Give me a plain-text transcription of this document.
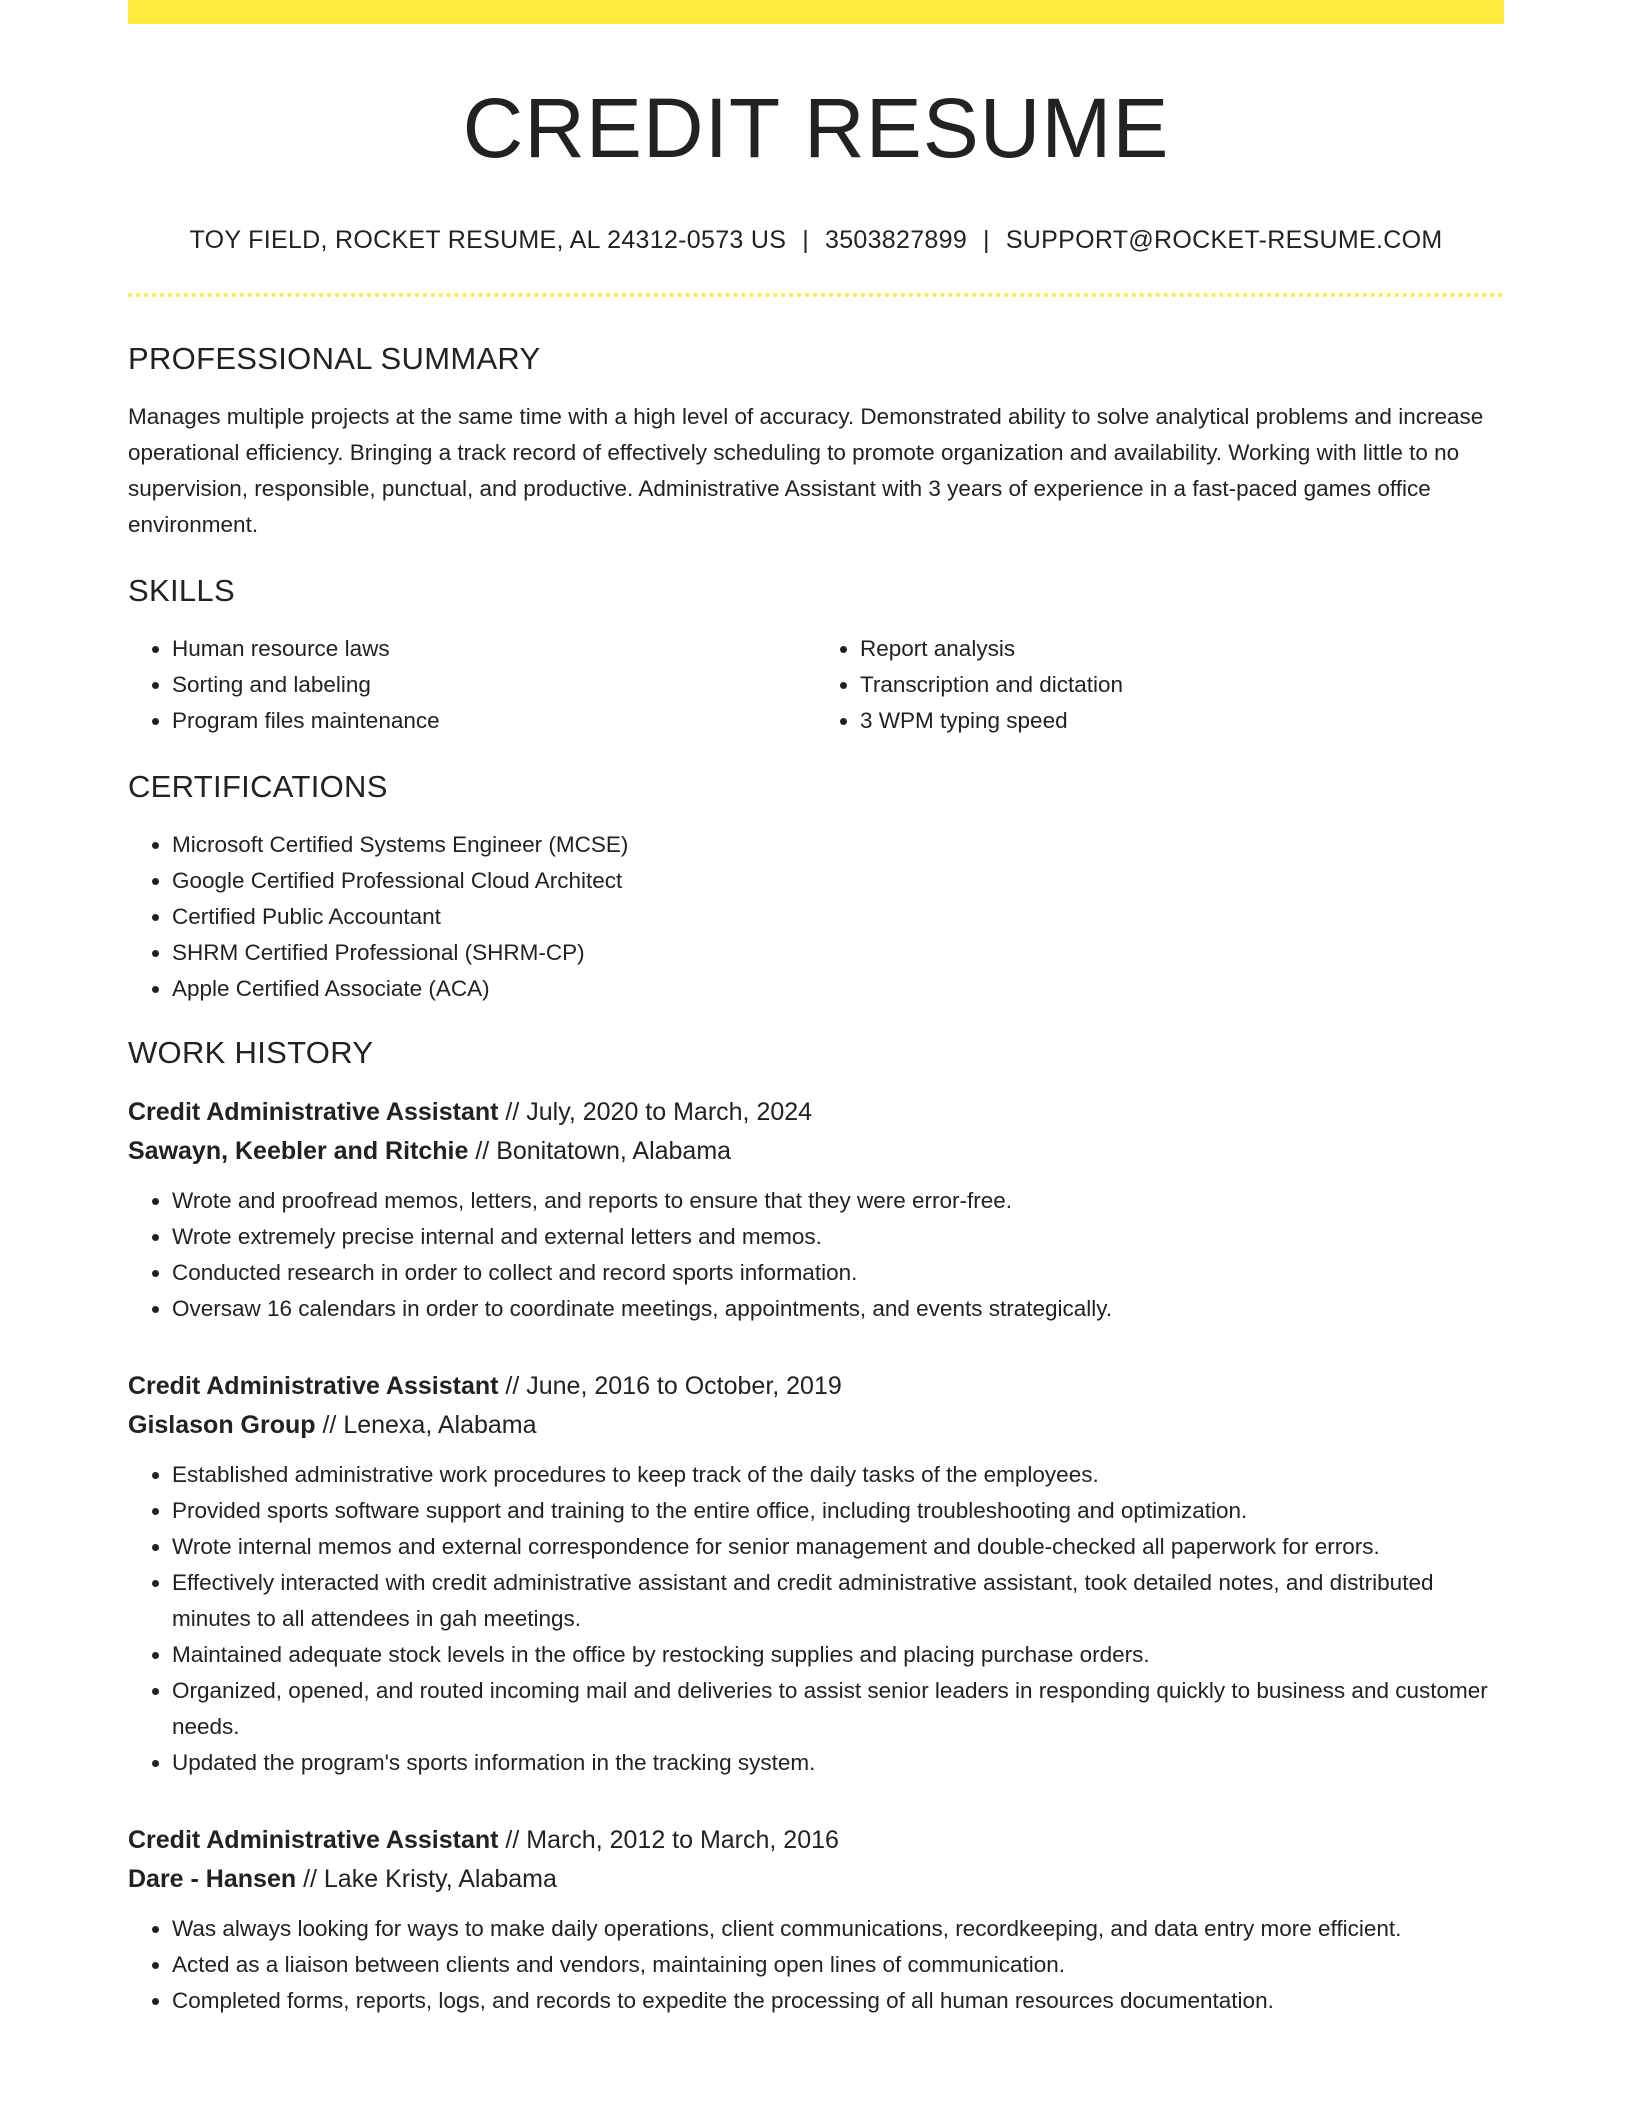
CREDIT RESUME
TOY FIELD, ROCKET RESUME, AL 24312-0573 US | 3503827899 | SUPPORT@ROCKET-RESUME.COM
PROFESSIONAL SUMMARY

Manages multiple projects at the same time with a high level of accuracy. Demonstrated ability to solve analytical problems and increase operational efficiency. Bringing a track record of effectively scheduling to promote organization and availability. Working with little to no supervision, responsible, punctual, and productive. Administrative Assistant with 3 years of experience in a fast-paced games office environment.

SKILLS
• Human resource laws
• Sorting and labeling
• Program files maintenance
• Report analysis
• Transcription and dictation
• 3 WPM typing speed
CERTIFICATIONS
• Microsoft Certified Systems Engineer (MCSE)
• Google Certified Professional Cloud Architect
• Certified Public Accountant
• SHRM Certified Professional (SHRM-CP)
• Apple Certified Associate (ACA)
WORK HISTORY
Credit Administrative Assistant // July, 2020 to March, 2024
Sawayn, Keebler and Ritchie // Bonitatown, Alabama
• Wrote and proofread memos, letters, and reports to ensure that they were error-free.
• Wrote extremely precise internal and external letters and memos.
• Conducted research in order to collect and record sports information.
• Oversaw 16 calendars in order to coordinate meetings, appointments, and events strategically.
Credit Administrative Assistant // June, 2016 to October, 2019
Gislason Group // Lenexa, Alabama
• Established administrative work procedures to keep track of the daily tasks of the employees.
• Provided sports software support and training to the entire office, including troubleshooting and optimization.
• Wrote internal memos and external correspondence for senior management and double-checked all paperwork for errors.
• Effectively interacted with credit administrative assistant and credit administrative assistant, took detailed notes, and distributed minutes to all attendees in gah meetings.
• Maintained adequate stock levels in the office by restocking supplies and placing purchase orders.
• Organized, opened, and routed incoming mail and deliveries to assist senior leaders in responding quickly to business and customer needs.
• Updated the program's sports information in the tracking system.
Credit Administrative Assistant // March, 2012 to March, 2016
Dare - Hansen // Lake Kristy, Alabama
• Was always looking for ways to make daily operations, client communications, recordkeeping, and data entry more efficient.
• Acted as a liaison between clients and vendors, maintaining open lines of communication.
• Completed forms, reports, logs, and records to expedite the processing of all human resources documentation.
